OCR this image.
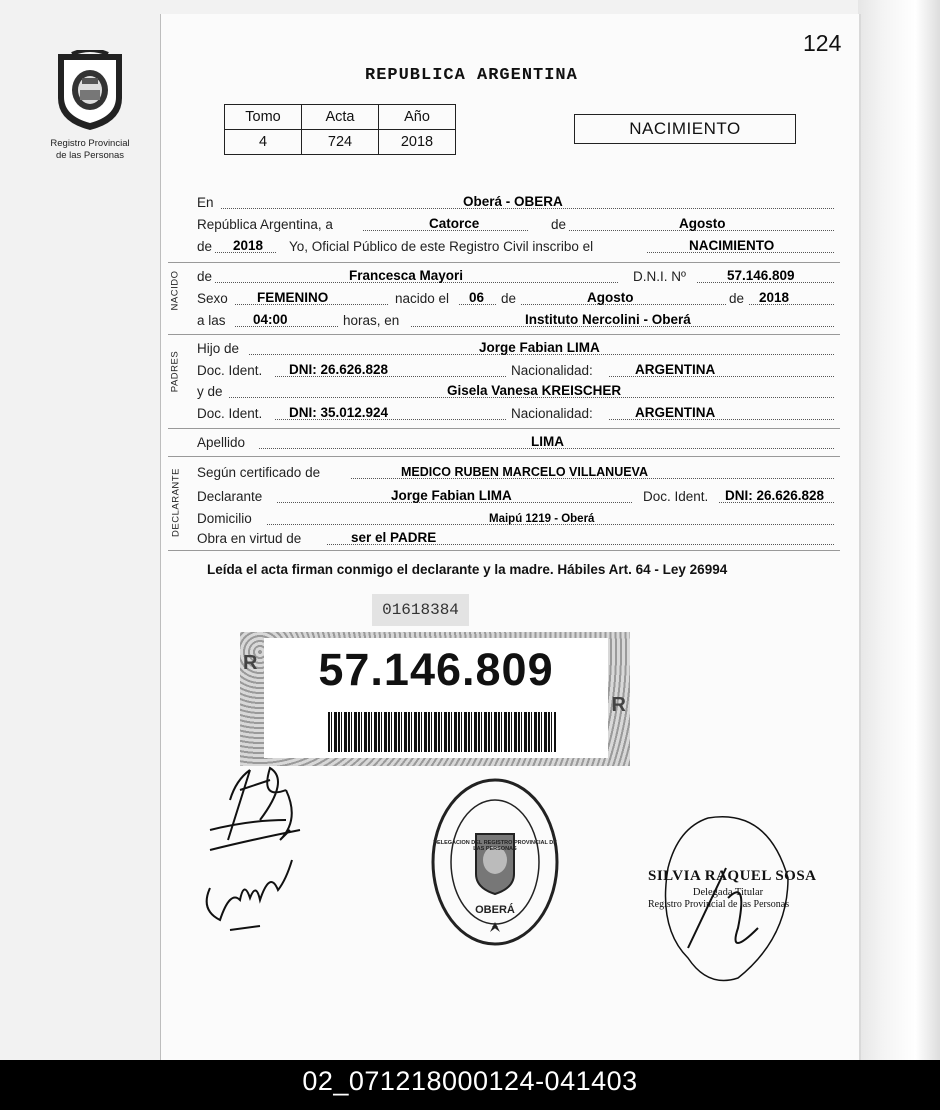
Registro Provincial
de las Personas
124
REPUBLICA ARGENTINA
Tomo	Acta	Año
4	724	2018
NACIMIENTO
En	Oberá - OBERA
República Argentina, a	Catorce	de	Agosto
de 2018 Yo, Oficial Público de este Registro Civil inscribo el	NACIMIENTO
NACIDO de	Francesca Mayori	D.N.I. Nº	57.146.809
Sexo FEMENINO	nacido el 06 de	Agosto	de 2018
a las 04:00	horas, en	Instituto Nercolini - Oberá
PADRES
Hijo de	Jorge Fabian LIMA
Doc. Ident. DNI: 26.626.828	Nacionalidad:	ARGENTINA
y de	Gisela Vanesa KREISCHER
Doc. Ident. DNI: 35.012.924	Nacionalidad:	ARGENTINA
Apellido	LIMA
DECLARANTE Según certificado de	MEDICO RUBEN MARCELO VILLANUEVA
Declarante	Jorge Fabian LIMA	Doc. Ident. DNI: 26.626.828
Domicilio	Maipú 1219 - Oberá
Obra en virtud de	ser el PADRE
Leída el acta firman conmigo el declarante y la madre. Hábiles Art. 64 - Ley 26994
01618384
R
R
57.146.809
DELEGACION DEL REGISTRO PROVINCIAL DE LAS PERSONAS
OBERÁ
SILVIA RAQUEL SOSA
Delegada Titular
Registro Provincial de las Personas
02_071218000124-041403
